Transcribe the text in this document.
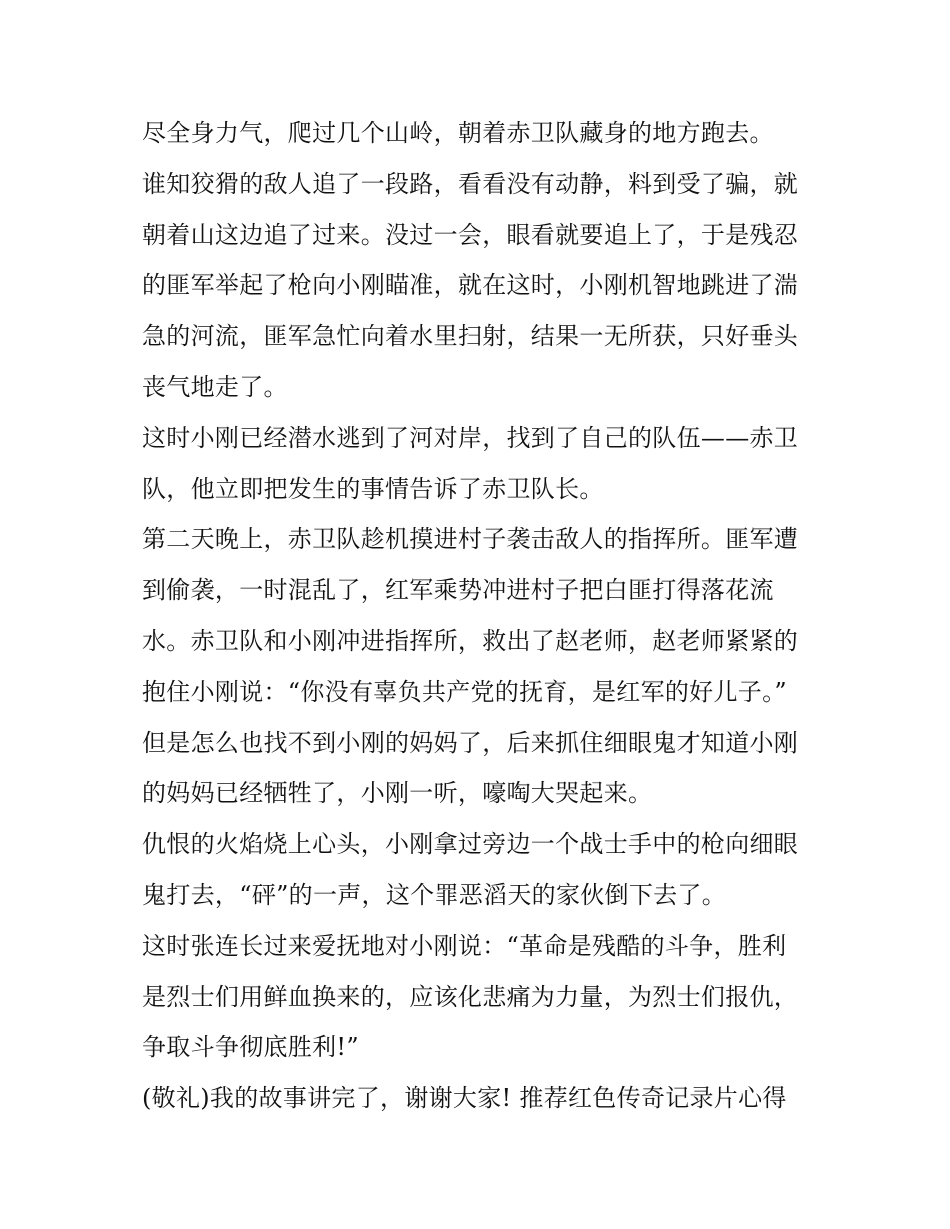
尽全身力气，爬过几个山岭，朝着赤卫队藏身的地方跑去。
谁知狡猾的敌人追了一段路，看看没有动静，料到受了骗，就
朝着山这边追了过来。没过一会，眼看就要追上了，于是残忍
的匪军举起了枪向小刚瞄准，就在这时，小刚机智地跳进了湍
急的河流，匪军急忙向着水里扫射，结果一无所获，只好垂头
丧气地走了。
这时小刚已经潜水逃到了河对岸，找到了自己的队伍——赤卫
队，他立即把发生的事情告诉了赤卫队长。
第二天晚上，赤卫队趁机摸进村子袭击敌人的指挥所。匪军遭
到偷袭，一时混乱了，红军乘势冲进村子把白匪打得落花流
水。赤卫队和小刚冲进指挥所，救出了赵老师，赵老师紧紧的
抱住小刚说：“你没有辜负共产党的抚育，是红军的好儿子。”
但是怎么也找不到小刚的妈妈了，后来抓住细眼鬼才知道小刚
的妈妈已经牺牲了，小刚一听，嚎啕大哭起来。
仇恨的火焰烧上心头，小刚拿过旁边一个战士手中的枪向细眼
鬼打去，“砰”的一声，这个罪恶滔天的家伙倒下去了。
这时张连长过来爱抚地对小刚说：“革命是残酷的斗争，胜利
是烈士们用鲜血换来的，应该化悲痛为力量，为烈士们报仇，
争取斗争彻底胜利!”
(敬礼)我的故事讲完了，谢谢大家! 推荐红色传奇记录片心得
